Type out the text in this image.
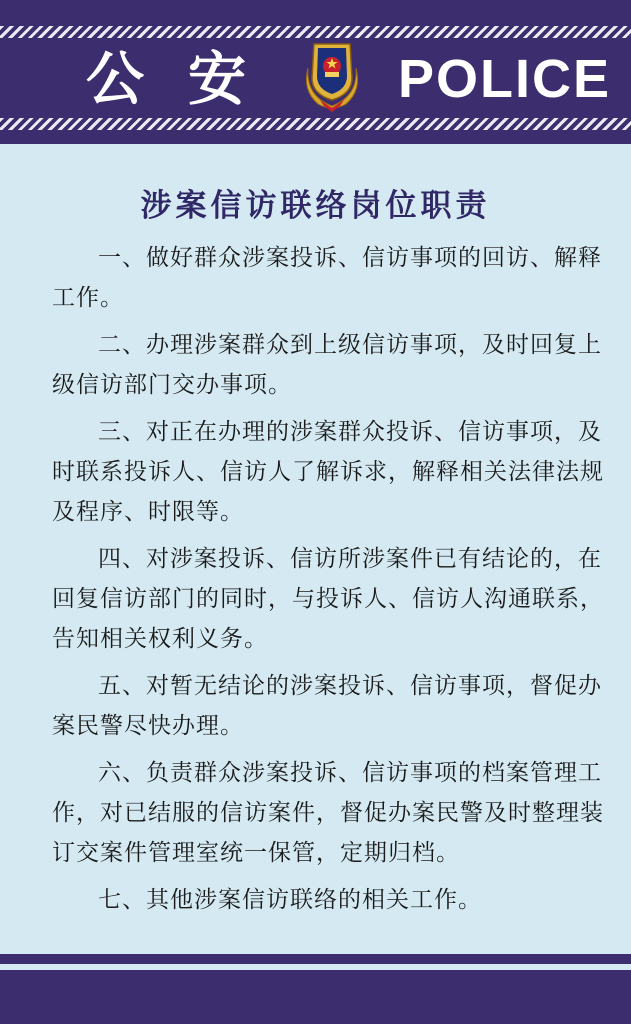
公 安	POLICE
涉案信访联络岗位职责
一、做好群众涉案投诉、信访事项的回访、解释工作。
二、办理涉案群众到上级信访事项，及时回复上级信访部门交办事项。
三、对正在办理的涉案群众投诉、信访事项，及时联系投诉人、信访人了解诉求，解释相关法律法规及程序、时限等。
四、对涉案投诉、信访所涉案件已有结论的，在回复信访部门的同时，与投诉人、信访人沟通联系，告知相关权利义务。
五、对暂无结论的涉案投诉、信访事项，督促办案民警尽快办理。
六、负责群众涉案投诉、信访事项的档案管理工作，对已结服的信访案件，督促办案民警及时整理装订交案件管理室统一保管，定期归档。
七、其他涉案信访联络的相关工作。
